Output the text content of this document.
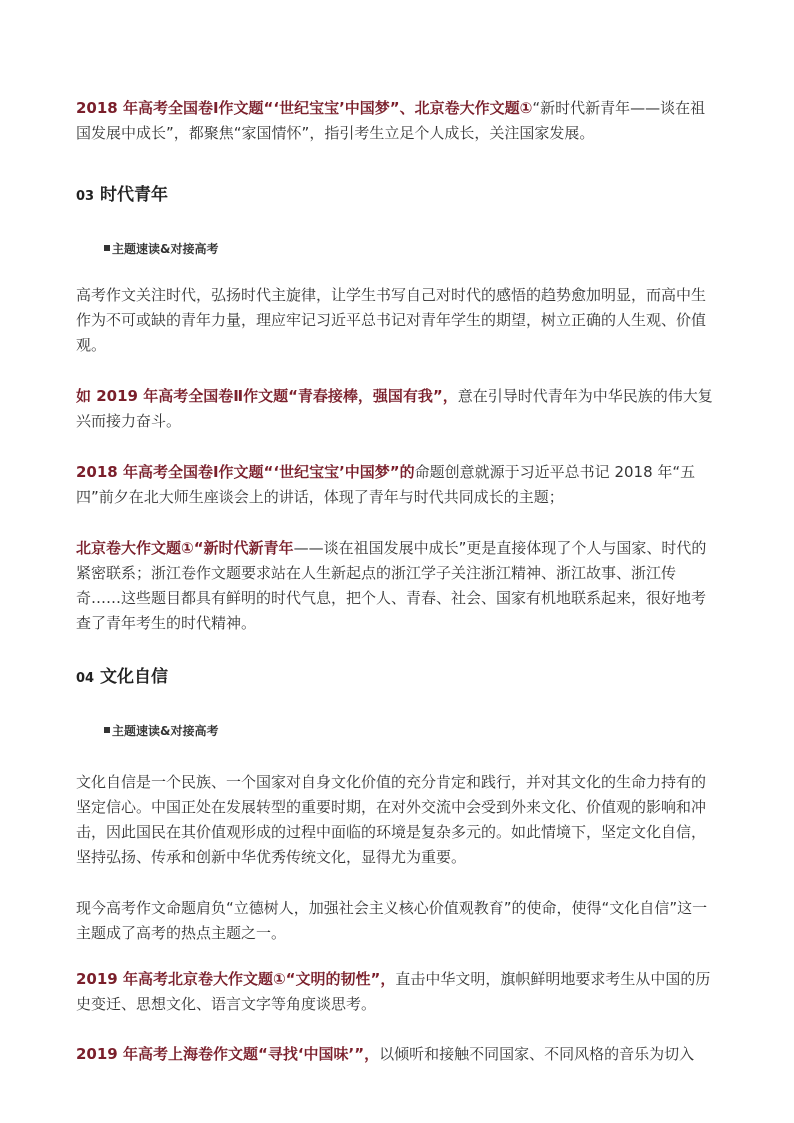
2018 年高考全国卷Ⅰ作文题“‘世纪宝宝’中国梦”、北京卷大作文题①“新时代新青年——谈在祖国发展中成长”，都聚焦“家国情怀”，指引考生立足个人成长，关注国家发展。

03 时代青年
主题速读&对接高考

高考作文关注时代，弘扬时代主旋律，让学生书写自己对时代的感悟的趋势愈加明显，而高中生作为不可或缺的青年力量，理应牢记习近平总书记对青年学生的期望，树立正确的人生观、价值观。

如 2019 年高考全国卷Ⅱ作文题“青春接棒，强国有我”，意在引导时代青年为中华民族的伟大复兴而接力奋斗。

2018 年高考全国卷Ⅰ作文题“‘世纪宝宝’中国梦”的命题创意就源于习近平总书记 2018 年“五四”前夕在北大师生座谈会上的讲话，体现了青年与时代共同成长的主题；

北京卷大作文题①“新时代新青年——谈在祖国发展中成长”更是直接体现了个人与国家、时代的紧密联系；浙江卷作文题要求站在人生新起点的浙江学子关注浙江精神、浙江故事、浙江传奇……这些题目都具有鲜明的时代气息，把个人、青春、社会、国家有机地联系起来，很好地考查了青年考生的时代精神。

04 文化自信
主题速读&对接高考

文化自信是一个民族、一个国家对自身文化价值的充分肯定和践行，并对其文化的生命力持有的坚定信心。中国正处在发展转型的重要时期，在对外交流中会受到外来文化、价值观的影响和冲击，因此国民在其价值观形成的过程中面临的环境是复杂多元的。如此情境下，坚定文化自信，坚持弘扬、传承和创新中华优秀传统文化，显得尤为重要。

现今高考作文命题肩负“立德树人，加强社会主义核心价值观教育”的使命，使得“文化自信”这一主题成了高考的热点主题之一。

2019 年高考北京卷大作文题①“文明的韧性”，直击中华文明，旗帜鲜明地要求考生从中国的历史变迁、思想文化、语言文字等角度谈思考。

2019 年高考上海卷作文题“寻找‘中国味’”，以倾听和接触不同国家、不同风格的音乐为切入
